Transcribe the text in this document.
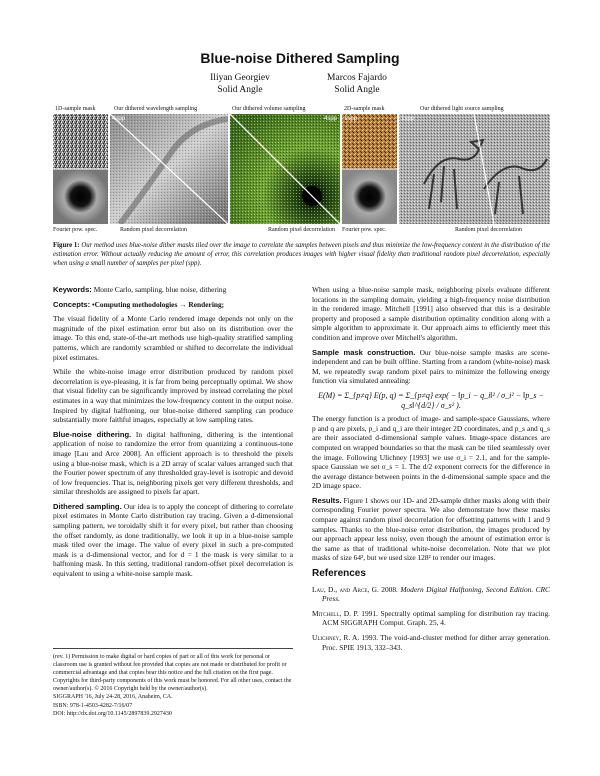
Blue-noise Dithered Sampling
Iliyan Georgiev
Solid Angle
Marcos Fajardo
Solid Angle
1D-sample mask	Our dithered wavelength sampling	Our dithered volume sampling	2D-sample mask	Our dithered light source sampling
4spp	4spp 1spp	1spp
Fourier pow. spec.	Random pixel decorrelation	Random pixel decorrelation Fourier pow. spec.	Random pixel decorrelation
Figure 1: Our method uses blue-noise dither masks tiled over the image to correlate the samples between pixels and thus minimize the low-frequency content in the distribution of the estimation error. Without actually reducing the amount of error, this correlation produces images with higher visual fidelity than traditional random pixel decorrelation, especially when using a small number of samples per pixel (spp).

Keywords: Monte Carlo, sampling, blue noise, dithering

Concepts: •Computing methodologies → Rendering;

The visual fidelity of a Monte Carlo rendered image depends not only on the magnitude of the pixel estimation error but also on its distribution over the image. To this end, state-of-the-art methods use high-quality stratified sampling patterns, which are randomly scrambled or shifted to decorrelate the individual pixel estimates.

While the white-noise image error distribution produced by random pixel decorrelation is eye-pleasing, it is far from being perceptually optimal. We show that visual fidelity can be significantly improved by instead correlating the pixel estimates in a way that minimizes the low-frequency content in the output noise. Inspired by digital halftoning, our blue-noise dithered sampling can produce substantially more faithful images, especially at low sampling rates.

Blue-noise dithering. In digital halftoning, dithering is the intentional application of noise to randomize the error from quantizing a continuous-tone image [Lau and Arce 2008]. An efficient approach is to threshold the pixels using a blue-noise mask, which is a 2D array of scalar values arranged such that the Fourier power spectrum of any thresholded gray-level is isotropic and devoid of low frequencies. That is, neighboring pixels get very different thresholds, and similar thresholds are assigned to pixels far apart.

Dithered sampling. Our idea is to apply the concept of dithering to correlate pixel estimates in Monte Carlo distribution ray tracing. Given a d-dimensional sampling pattern, we toroidally shift it for every pixel, but rather than choosing the offset randomly, as done traditionally, we look it up in a blue-noise sample mask tiled over the image. The value of every pixel in such a pre-computed mask is a d-dimensional vector, and for d = 1 the mask is very similar to a halftoning mask. In this setting, traditional random-offset pixel decorrelation is equivalent to using a white-noise sample mask.

(rev. 1) Permission to make digital or hard copies of part or all of this work for personal or classroom use is granted without fee provided that copies are not made or distributed for profit or commercial advantage and that copies bear this notice and the full citation on the first page. Copyrights for third-party components of this work must be honored. For all other uses, contact the owner/author(s). © 2016 Copyright held by the owner/author(s).
SIGGRAPH '16, July 24-28, 2016, Anaheim, CA.
ISBN: 978-1-4503-4282-7/16/07
DOI: http://dx.doi.org/10.1145/2897839.2927430

When using a blue-noise sample mask, neighboring pixels evaluate different locations in the sampling domain, yielding a high-frequency noise distribution in the rendered image. Mitchell [1991] also observed that this is a desirable property and proposed a sample distribution optimality condition along with a simple algorithm to approximate it. Our approach aims to efficiently meet this condition and improve over Mitchell's algorithm.

Sample mask construction. Our blue-noise sample masks are scene-independent and can be built offline. Starting from a random (white-noise) mask M, we repeatedly swap random pixel pairs to minimize the following energy function via simulated annealing:

E(M) = Σ_{p≠q} E(p, q) = Σ_{p≠q} exp( − ‖p_i − q_i‖² / σ_i² − ‖p_s − q_s‖^{d/2} / σ_s² ).

The energy function is a product of image- and sample-space Gaussians, where p and q are pixels, p_i and q_i are their integer 2D coordinates, and p_s and q_s are their associated d-dimensional sample values. Image-space distances are computed on wrapped boundaries so that the mask can be tiled seamlessly over the image. Following Ulichney [1993] we use σ_i = 2.1, and for the sample-space Gaussian we set σ_s = 1. The d/2 exponent corrects for the difference in the average distance between points in the d-dimensional sample space and the 2D image space.

Results. Figure 1 shows our 1D- and 2D-sample dither masks along with their corresponding Fourier power spectra. We also demonstrate how these masks compare against random pixel decorrelation for offsetting patterns with 1 and 9 samples. Thanks to the blue-noise error distribution, the images produced by our approach appear less noisy, even though the amount of estimation error is the same as that of traditional white-noise decorrelation. Note that we plot masks of size 64², but we used size 128² to render our images.

References

Lau, D., and Arce, G. 2008. Modern Digital Halftoning, Second Edition. CRC Press.

Mitchell, D. P. 1991. Spectrally optimal sampling for distribution ray tracing. ACM SIGGRAPH Comput. Graph. 25, 4.

Ulichney, R. A. 1993. The void-and-cluster method for dither array generation. Proc. SPIE 1913, 332–343.
